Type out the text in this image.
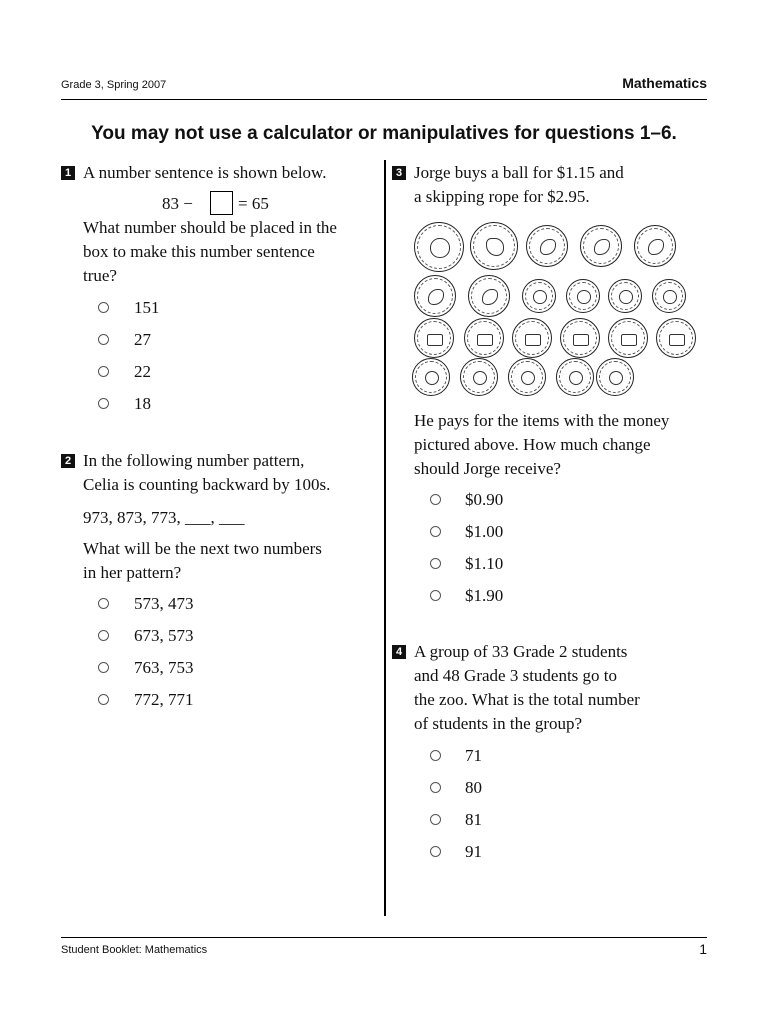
Grade 3, Spring 2007	Mathematics
You may not use a calculator or manipulatives for questions 1–6.
1 A number sentence is shown below.
83 −	= 65
What number should be placed in the
box to make this number sentence
true?
151
27
22
18
2 In the following number pattern,
Celia is counting backward by 100s.
973, 873, 773, ___, ___
What will be the next two numbers
in her pattern?
573, 473
673, 573
763, 753
772, 771
3 Jorge buys a ball for $1.15 and
a skipping rope for $2.95.
He pays for the items with the money
pictured above. How much change
should Jorge receive?
$0.90
$1.00
$1.10
$1.90
4 A group of 33 Grade 2 students
and 48 Grade 3 students go to
the zoo. What is the total number
of students in the group?
71
80
81
91
Student Booklet: Mathematics	1
